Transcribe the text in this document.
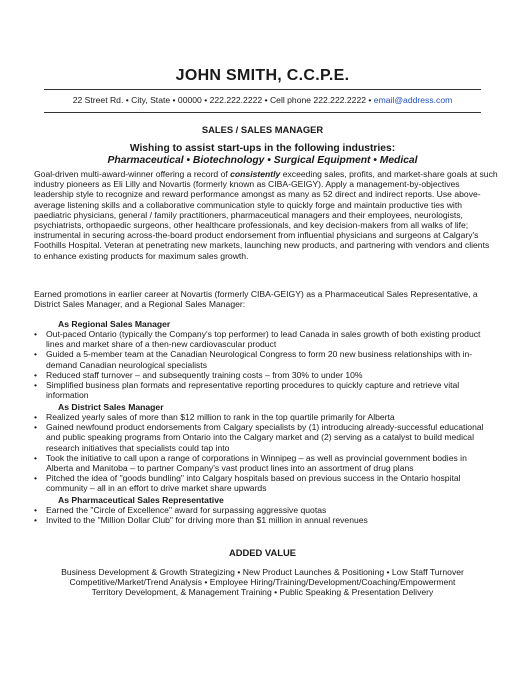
JOHN SMITH, C.C.P.E.
22 Street Rd. • City, State • 00000 • 222.222.2222 • Cell phone 222.222.2222 • email@address.com
SALES / SALES MANAGER
Wishing to assist start-ups in the following industries:
Pharmaceutical • Biotechnology • Surgical Equipment • Medical

Goal-driven multi-award-winner offering a record of consistently exceeding sales, profits, and market-share goals at such industry pioneers as Eli Lilly and Novartis (formerly known as CIBA-GEIGY). Apply a management-by-objectives leadership style to recognize and reward performance amongst as many as 52 direct and indirect reports. Use above-average listening skills and a collaborative communication style to quickly forge and maintain productive ties with paediatric physicians, general / family practitioners, pharmaceutical managers and their employees, neurologists, psychiatrists, orthopaedic surgeons, other healthcare professionals, and key decision-makers from all walks of life; instrumental in securing across-the-board product endorsement from influential physicians and surgeons at Calgary's Foothills Hospital. Veteran at penetrating new markets, launching new products, and partnering with vendors and clients to enhance existing products for maximum sales growth.

Earned promotions in earlier career at Novartis (formerly CIBA-GEIGY) as a Pharmaceutical Sales Representative, a District Sales Manager, and a Regional Sales Manager:

As Regional Sales Manager
• Out-paced Ontario (typically the Company's top performer) to lead Canada in sales growth of both existing product lines and market share of a then-new cardiovascular product
• Guided a 5-member team at the Canadian Neurological Congress to form 20 new business relationships with in-demand Canadian neurological specialists
• Reduced staff turnover – and subsequently training costs – from 30% to under 10%
• Simplified business plan formats and representative reporting procedures to quickly capture and retrieve vital information
As District Sales Manager
• Realized yearly sales of more than $12 million to rank in the top quartile primarily for Alberta
• Gained newfound product endorsements from Calgary specialists by (1) introducing already-successful educational and public speaking programs from Ontario into the Calgary market and (2) serving as a catalyst to build medical research initiatives that specialists could tap into
• Took the initiative to call upon a range of corporations in Winnipeg – as well as provincial government bodies in Alberta and Manitoba – to partner Company's vast product lines into an assortment of drug plans
• Pitched the idea of "goods bundling" into Calgary hospitals based on previous success in the Ontario hospital community – all in an effort to drive market share upwards
As Pharmaceutical Sales Representative
• Earned the "Circle of Excellence" award for surpassing aggressive quotas
• Invited to the "Million Dollar Club" for driving more than $1 million in annual revenues
ADDED VALUE
Business Development & Growth Strategizing • New Product Launches & Positioning • Low Staff Turnover
Competitive/Market/Trend Analysis • Employee Hiring/Training/Development/Coaching/Empowerment
Territory Development, & Management Training • Public Speaking & Presentation Delivery
